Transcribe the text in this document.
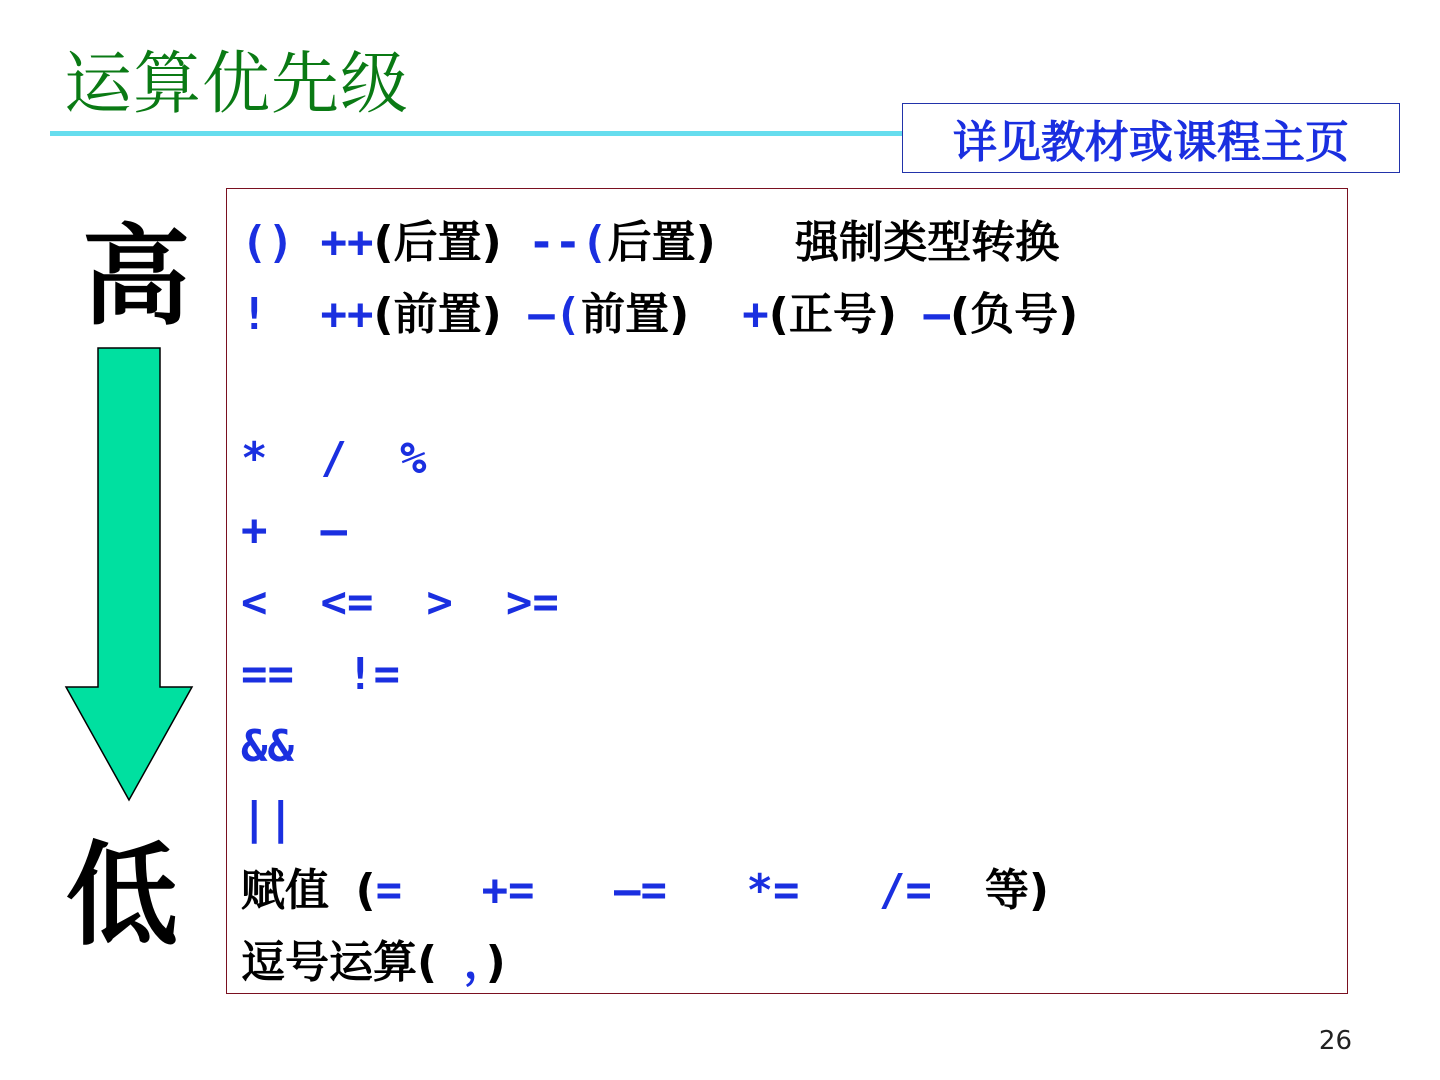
运算优先级
详见教材或课程主页
高
低
() ++(后置) --(后置) 强制类型转换
! ++(前置) —(前置) +(正号) –(负号)
*  /  %
+  –
<  <=  >  >=
==  !=
&&
||
赋值 (=   +=   –=   *=   /= 等)
逗号运算( ，)
26
